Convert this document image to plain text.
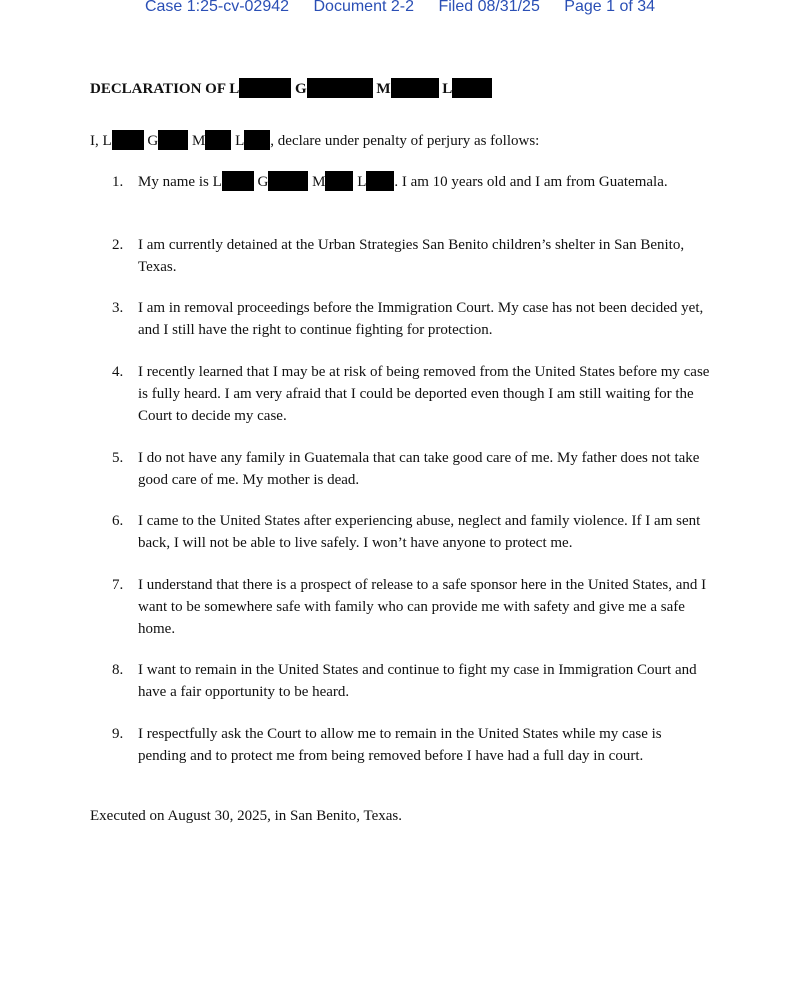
Case 1:25-cv-02942 Document 2-2 Filed 08/31/25 Page 1 of 34
DECLARATION OF L	G	M	L
I, L G M L , declare under penalty of perjury as follows:
1. My name is L G	M L . I am 10 years old and I am from Guatemala.
2. I am currently detained at the Urban Strategies San Benito children’s shelter in San Benito, Texas.
3. I am in removal proceedings before the Immigration Court. My case has not been decided yet, and I still have the right to continue fighting for protection.
4. I recently learned that I may be at risk of being removed from the United States before my case is fully heard. I am very afraid that I could be deported even though I am still waiting for the Court to decide my case.
5. I do not have any family in Guatemala that can take good care of me. My father does not take good care of me. My mother is dead.
6. I came to the United States after experiencing abuse, neglect and family violence. If I am sent back, I will not be able to live safely. I won’t have anyone to protect me.
7. I understand that there is a prospect of release to a safe sponsor here in the United States, and I want to be somewhere safe with family who can provide me with safety and give me a safe home.
8. I want to remain in the United States and continue to fight my case in Immigration Court and have a fair opportunity to be heard.
9. I respectfully ask the Court to allow me to remain in the United States while my case is pending and to protect me from being removed before I have had a full day in court.
Executed on August 30, 2025, in San Benito, Texas.
